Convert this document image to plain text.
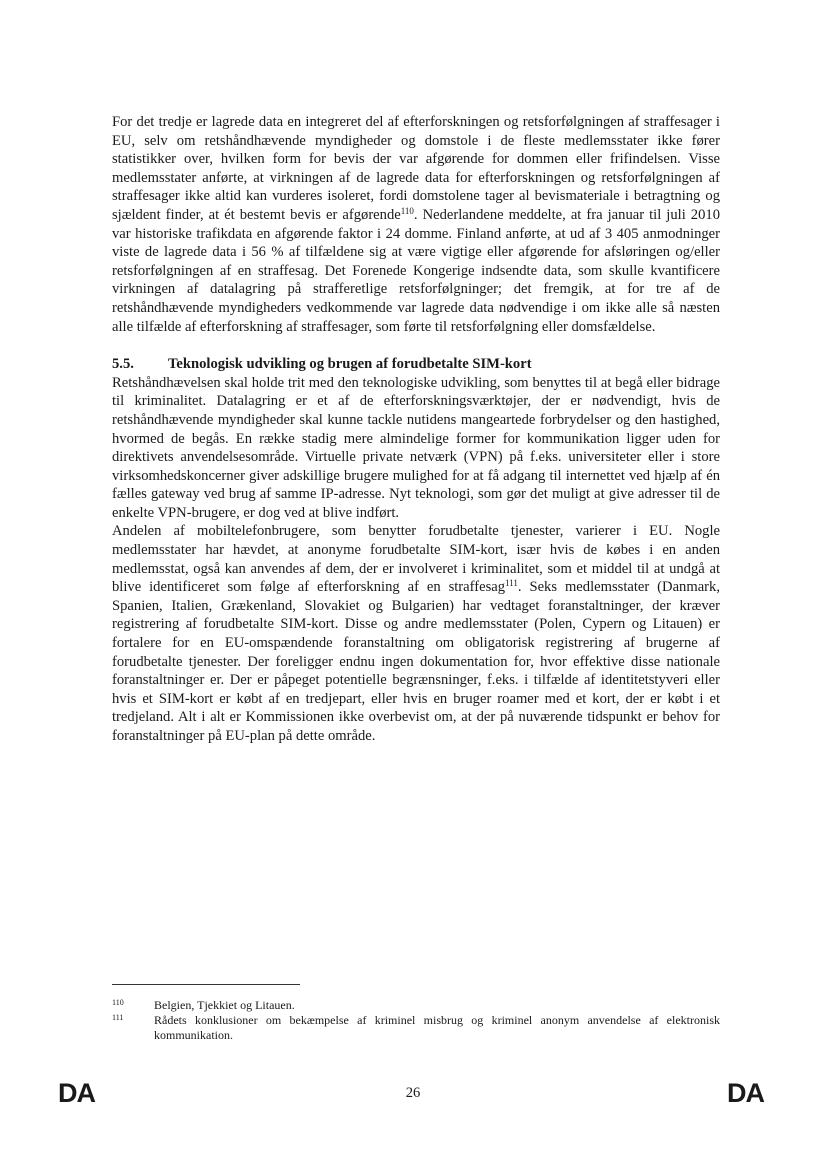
For det tredje er lagrede data en integreret del af efterforskningen og retsforfølgningen af straffesager i EU, selv om retshåndhævende myndigheder og domstole i de fleste medlemsstater ikke fører statistikker over, hvilken form for bevis der var afgørende for dommen eller frifindelsen. Visse medlemsstater anførte, at virkningen af de lagrede data for efterforskningen og retsforfølgningen af straffesager ikke altid kan vurderes isoleret, fordi domstolene tager al bevismateriale i betragtning og sjældent finder, at ét bestemt bevis er afgørende$^{110}$. Nederlandene meddelte, at fra januar til juli 2010 var historiske trafikdata en afgørende faktor i 24 domme. Finland anførte, at ud af 3 405 anmodninger viste de lagrede data i 56 % af tilfældene sig at være vigtige eller afgørende for afsløringen og/eller retsforfølgningen af en straffesag. Det Forenede Kongerige indsendte data, som skulle kvantificere virkningen af datalagring på strafferetlige retsforfølgninger; det fremgik, at for tre af de retshåndhævende myndigheders vedkommende var lagrede data nødvendige i om ikke alle så næsten alle tilfælde af efterforskning af straffesager, som førte til retsforfølgning eller domsfældelse.

5.5.	Teknologisk udvikling og brugen af forudbetalte SIM-kort

Retshåndhævelsen skal holde trit med den teknologiske udvikling, som benyttes til at begå eller bidrage til kriminalitet. Datalagring er et af de efterforskningsværktøjer, der er nødvendigt, hvis de retshåndhævende myndigheder skal kunne tackle nutidens mangeartede forbrydelser og den hastighed, hvormed de begås. En række stadig mere almindelige former for kommunikation ligger uden for direktivets anvendelsesområde. Virtuelle private netværk (VPN) på f.eks. universiteter eller i store virksomhedskoncerner giver adskillige brugere mulighed for at få adgang til internettet ved hjælp af én fælles gateway ved brug af samme IP-adresse. Nyt teknologi, som gør det muligt at give adresser til de enkelte VPN-brugere, er dog ved at blive indført.

Andelen af mobiltelefonbrugere, som benytter forudbetalte tjenester, varierer i EU. Nogle medlemsstater har hævdet, at anonyme forudbetalte SIM-kort, især hvis de købes i en anden medlemsstat, også kan anvendes af dem, der er involveret i kriminalitet, som et middel til at undgå at blive identificeret som følge af efterforskning af en straffesag$^{111}$. Seks medlemsstater (Danmark, Spanien, Italien, Grækenland, Slovakiet og Bulgarien) har vedtaget foranstaltninger, der kræver registrering af forudbetalte SIM-kort. Disse og andre medlemsstater (Polen, Cypern og Litauen) er fortalere for en EU-omspændende foranstaltning om obligatorisk registrering af brugerne af forudbetalte tjenester. Der foreligger endnu ingen dokumentation for, hvor effektive disse nationale foranstaltninger er. Der er påpeget potentielle begrænsninger, f.eks. i tilfælde af identitetstyveri eller hvis et SIM-kort er købt af en tredjepart, eller hvis en bruger roamer med et kort, der er købt i et tredjeland. Alt i alt er Kommissionen ikke overbevist om, at der på nuværende tidspunkt er behov for foranstaltninger på EU-plan på dette område.

110	Belgien, Tjekkiet og Litauen.
111	Rådets konklusioner om bekæmpelse af kriminel misbrug og kriminel anonym anvendelse af elektronisk kommunikation.
DA	26	DA
